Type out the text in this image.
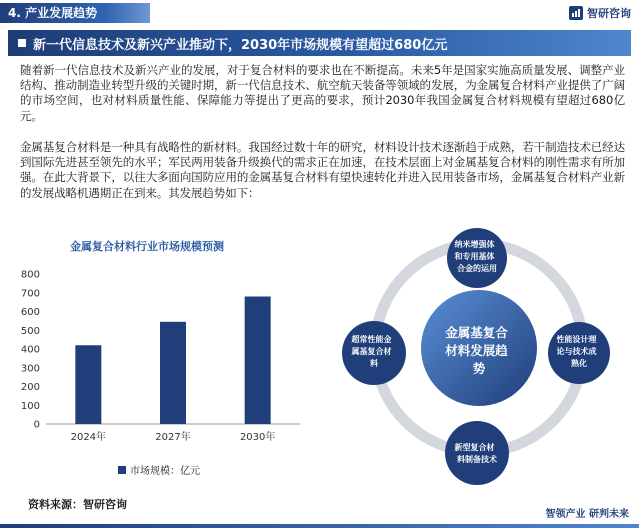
4. 产业发展趋势	智研咨询
新一代信息技术及新兴产业推动下，2030年市场规模有望超过680亿元
随着新一代信息技术及新兴产业的发展，对于复合材料的要求也在不断提高。未来5年是国家实施高质量发展、调整产业结构、推动制造业转型升级的关键时期，新一代信息技术、航空航天装备等领域的发展，为金属复合材料产业提供了广阔的市场空间，也对材料质量性能、保障能力等提出了更高的要求，预计2030年我国金属复合材料规模有望超过680亿元。
金属基复合材料是一种具有战略性的新材料。我国经过数十年的研究，材料设计技术逐渐趋于成熟，若干制造技术已经达到国际先进甚至领先的水平；军民两用装备升级换代的需求正在加速，在技术层面上对金属基复合材料的刚性需求有所加强。在此大背景下，以往大多面向国防应用的金属基复合材料有望快速转化并进入民用装备市场，金属基复合材料产业新的发展战略机遇期正在到来。其发展趋势如下：
金属复合材料行业市场规模预测
0
100
200
300
400
500
600
700
800
2024年	2027年	2030年
市场规模：亿元
金属基复合 材料发展趋 势
纳米增强体 和专用基体 合金的运用
性能设计理 论与技术成 熟化
新型复合材 料制备技术
超常性能金 属基复合材 料
资料来源：智研咨询
智领产业 研判未来
